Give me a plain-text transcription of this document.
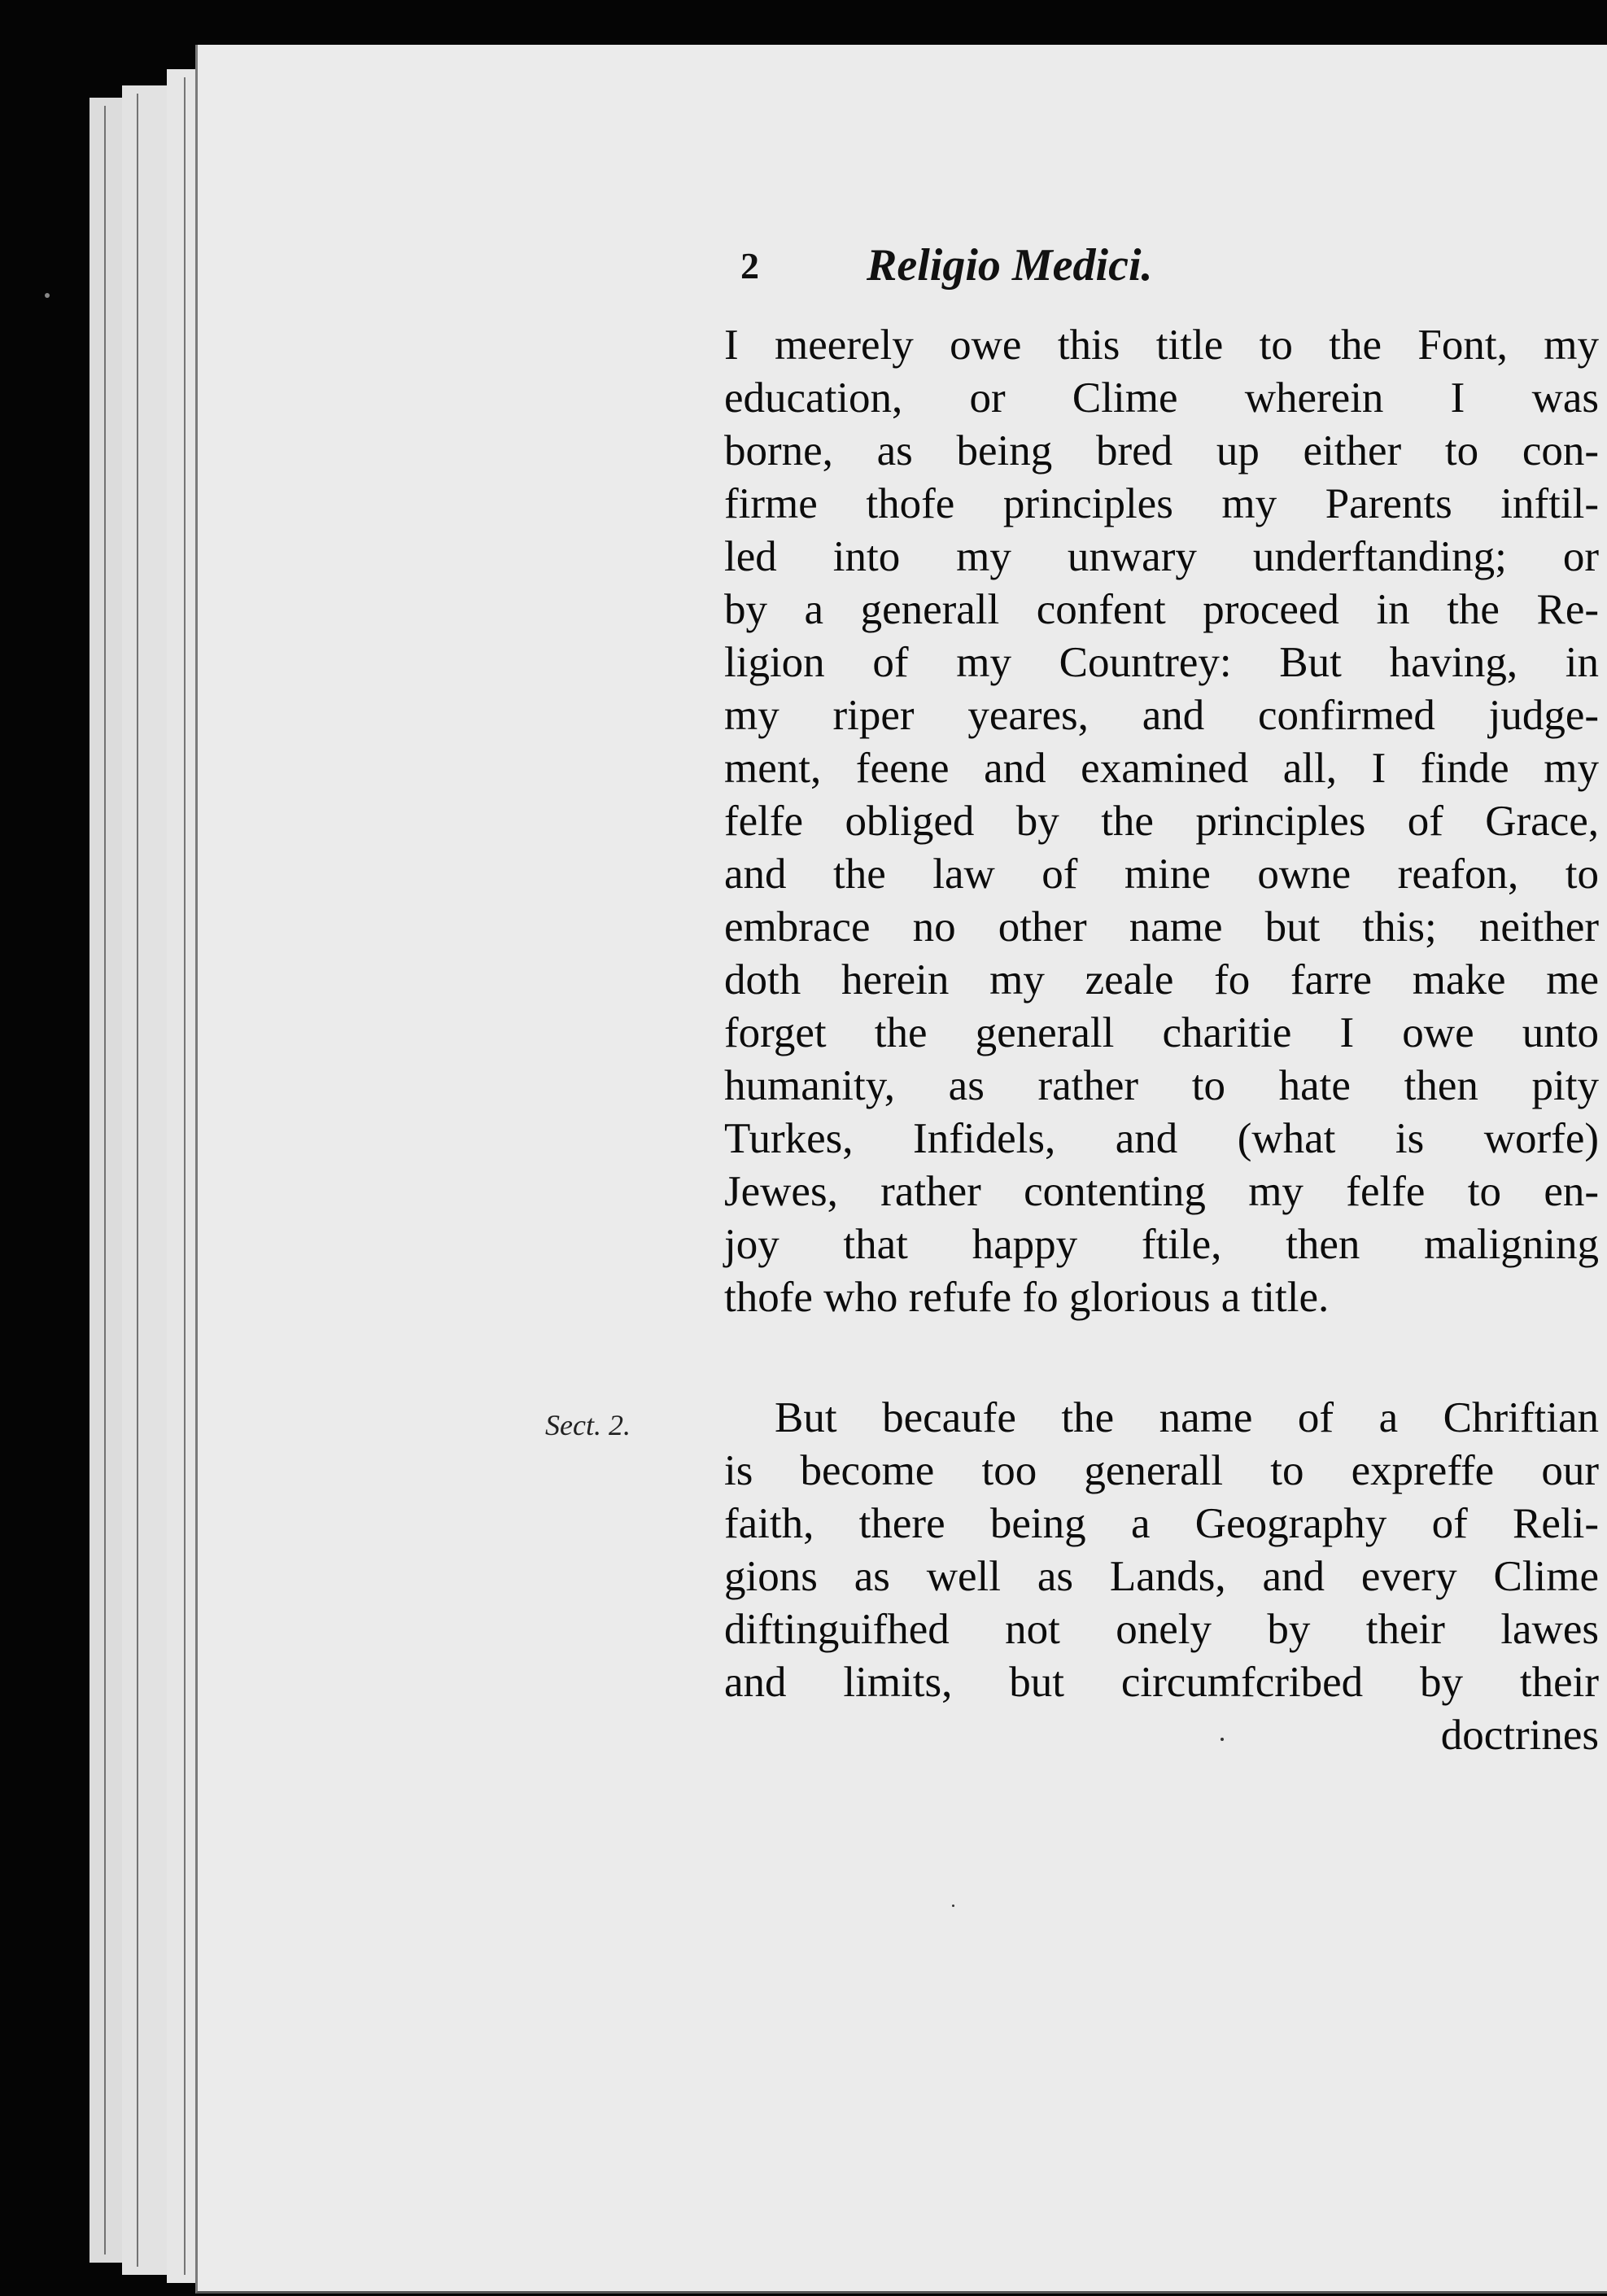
2 Religio Medici.
I meerely owe this title to the Font, my
education, or Clime wherein I was
borne, as being bred up either to con-
firme thofe principles my Parents inftil-
led into my unwary underftanding; or
by a generall confent proceed in the Re-
ligion of my Countrey: But having, in
my riper yeares, and confirmed judge-
ment, feene and examined all, I finde my
felfe obliged by the principles of Grace,
and the law of mine owne reafon, to
embrace no other name but this; neither
doth herein my zeale fo farre make me
forget the generall charitie I owe unto
humanity, as rather to hate then pity
Turkes, Infidels, and (what is worfe)
Jewes, rather contenting my felfe to en-
joy that happy ftile, then maligning
thofe who refufe fo glorious a title.
Sect. 2.	But becaufe the name of a Chriftian
is become too generall to expreffe our
faith, there being a Geography of Reli-
gions as well as Lands, and every Clime
diftinguifhed not onely by their lawes
and limits, but circumfcribed by their
doctrines
